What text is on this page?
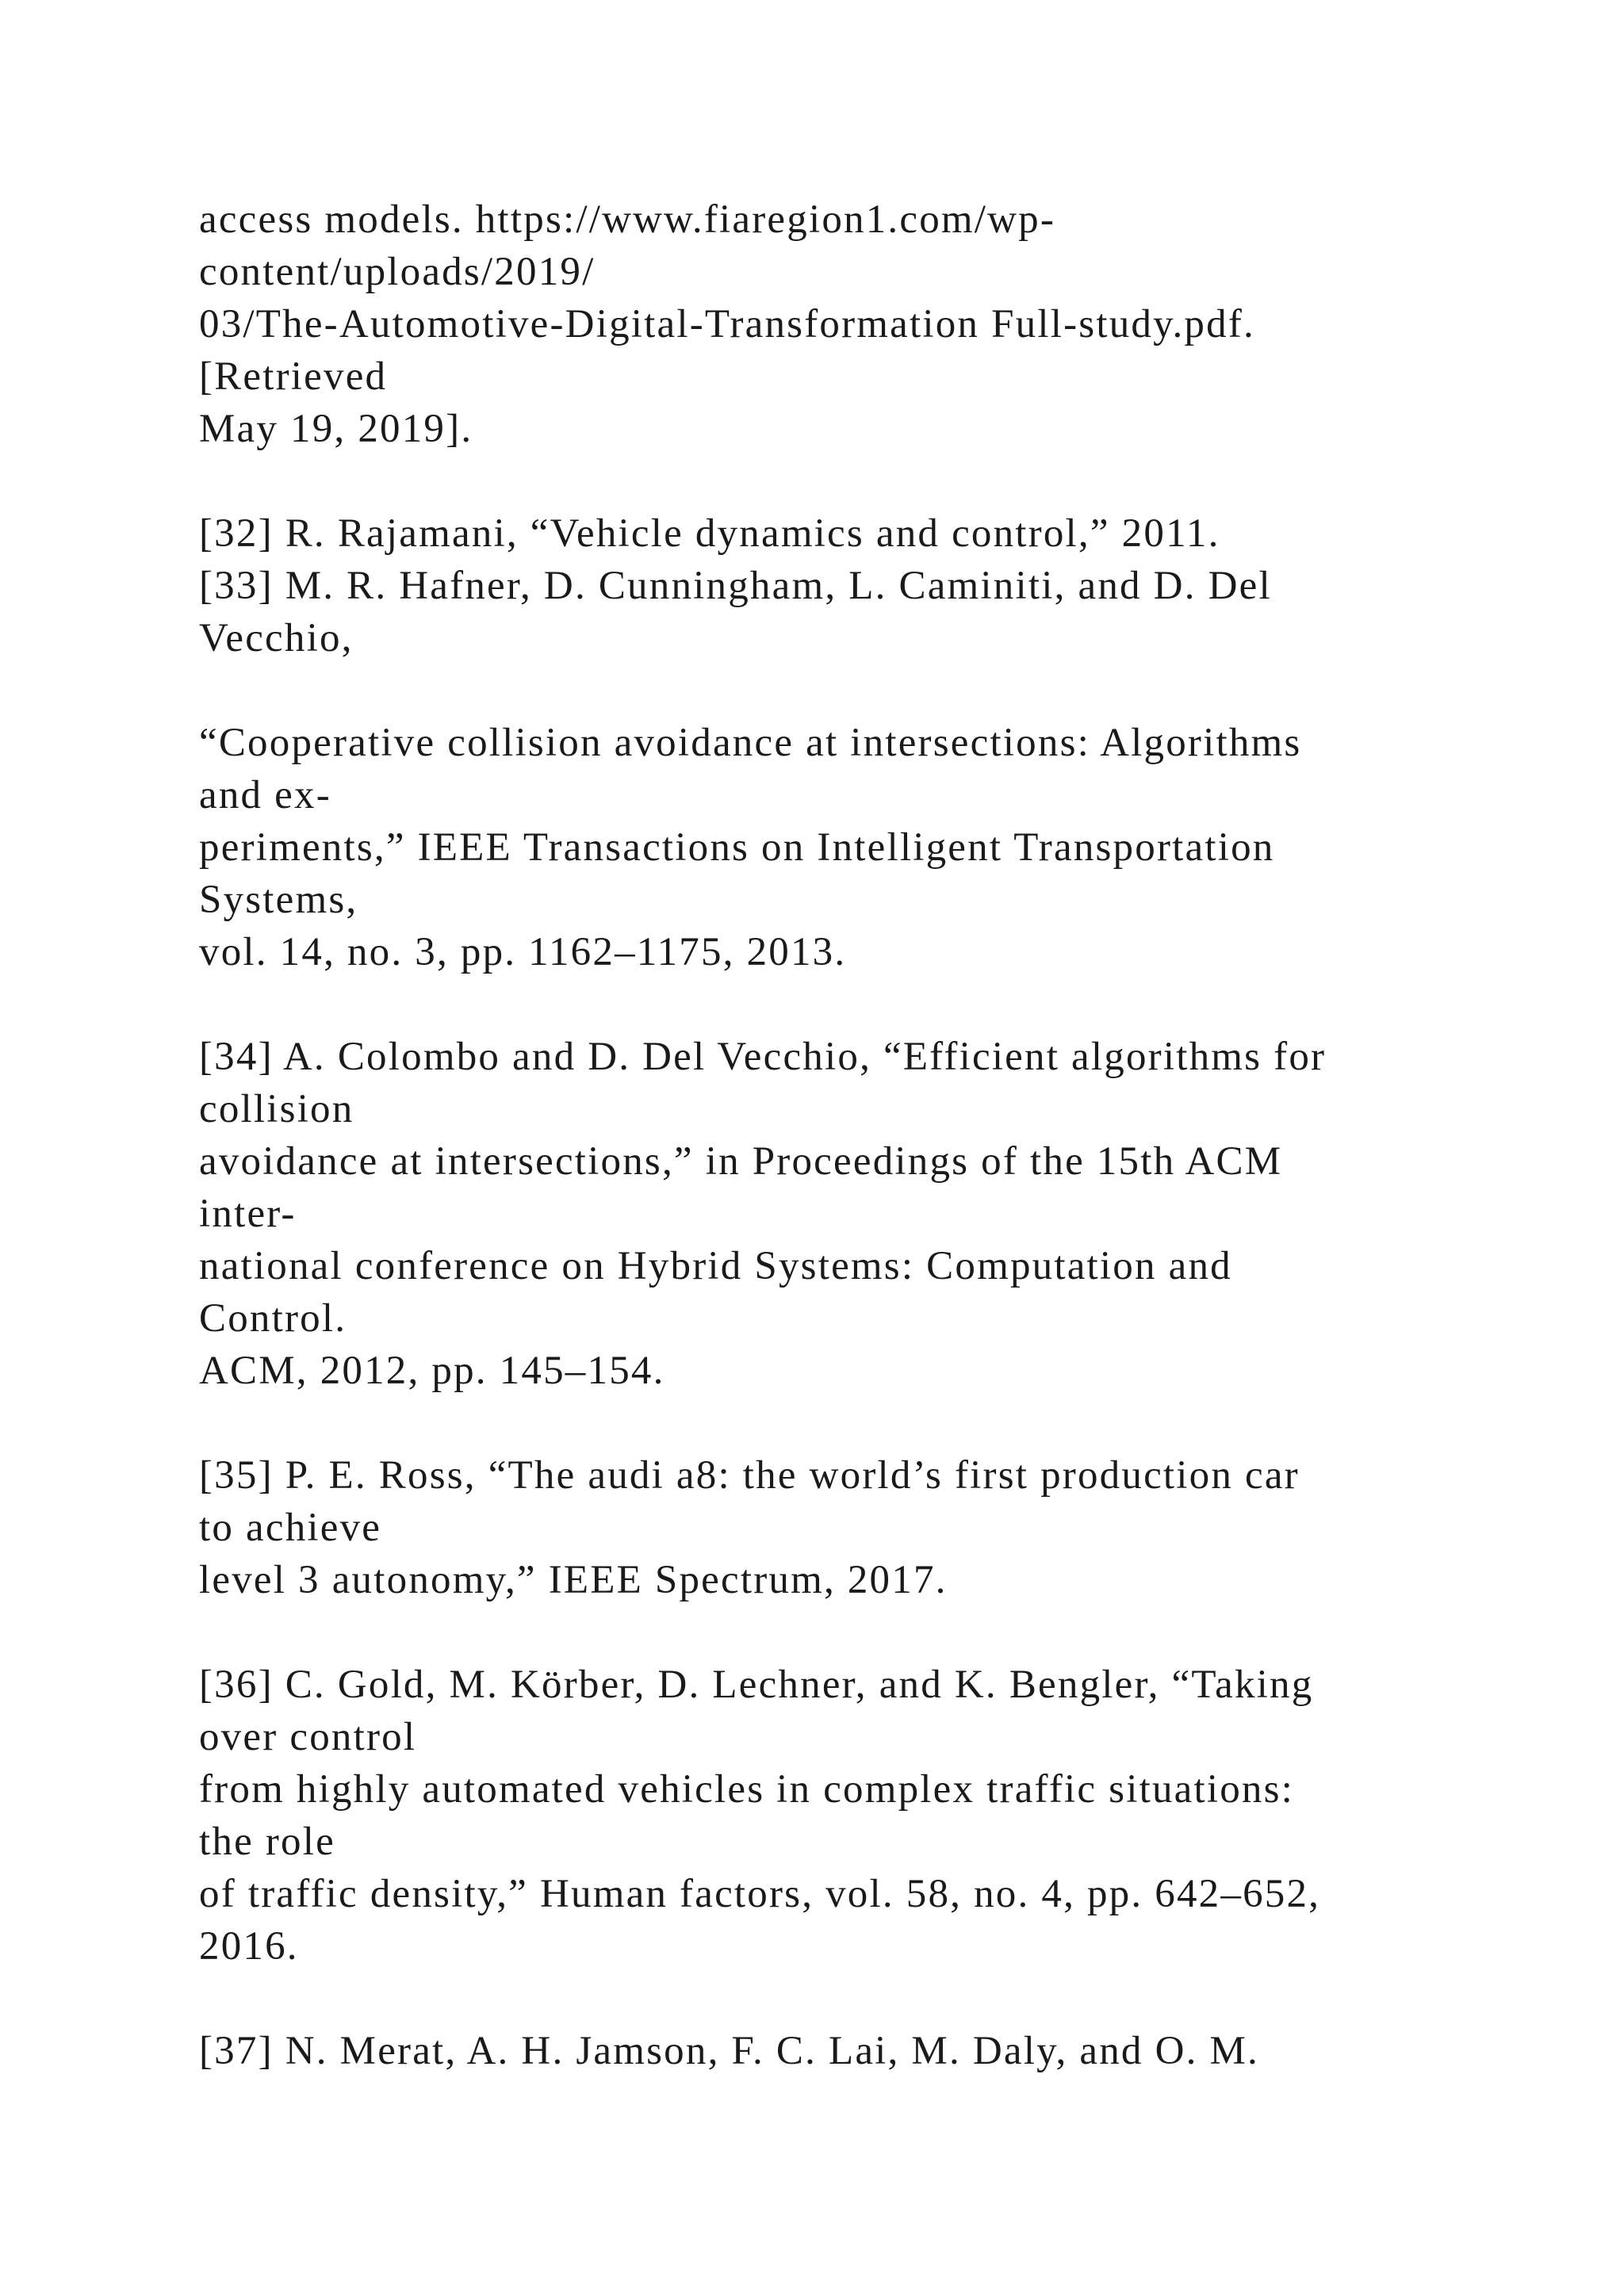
access models. https://www.fiaregion1.com/wp-
content/uploads/2019/
03/The-Automotive-Digital-Transformation Full-study.pdf.
[Retrieved
May 19, 2019].
[32] R. Rajamani, “Vehicle dynamics and control,” 2011.
[33] M. R. Hafner, D. Cunningham, L. Caminiti, and D. Del
Vecchio,
“Cooperative collision avoidance at intersections: Algorithms
and ex-
periments,” IEEE Transactions on Intelligent Transportation
Systems,
vol. 14, no. 3, pp. 1162–1175, 2013.
[34] A. Colombo and D. Del Vecchio, “Efficient algorithms for
collision
avoidance at intersections,” in Proceedings of the 15th ACM
inter-
national conference on Hybrid Systems: Computation and
Control.
ACM, 2012, pp. 145–154.
[35] P. E. Ross, “The audi a8: the world’s first production car
to achieve
level 3 autonomy,” IEEE Spectrum, 2017.
[36] C. Gold, M. Körber, D. Lechner, and K. Bengler, “Taking
over control
from highly automated vehicles in complex traffic situations:
the role
of traffic density,” Human factors, vol. 58, no. 4, pp. 642–652,
2016.
[37] N. Merat, A. H. Jamson, F. C. Lai, M. Daly, and O. M.
